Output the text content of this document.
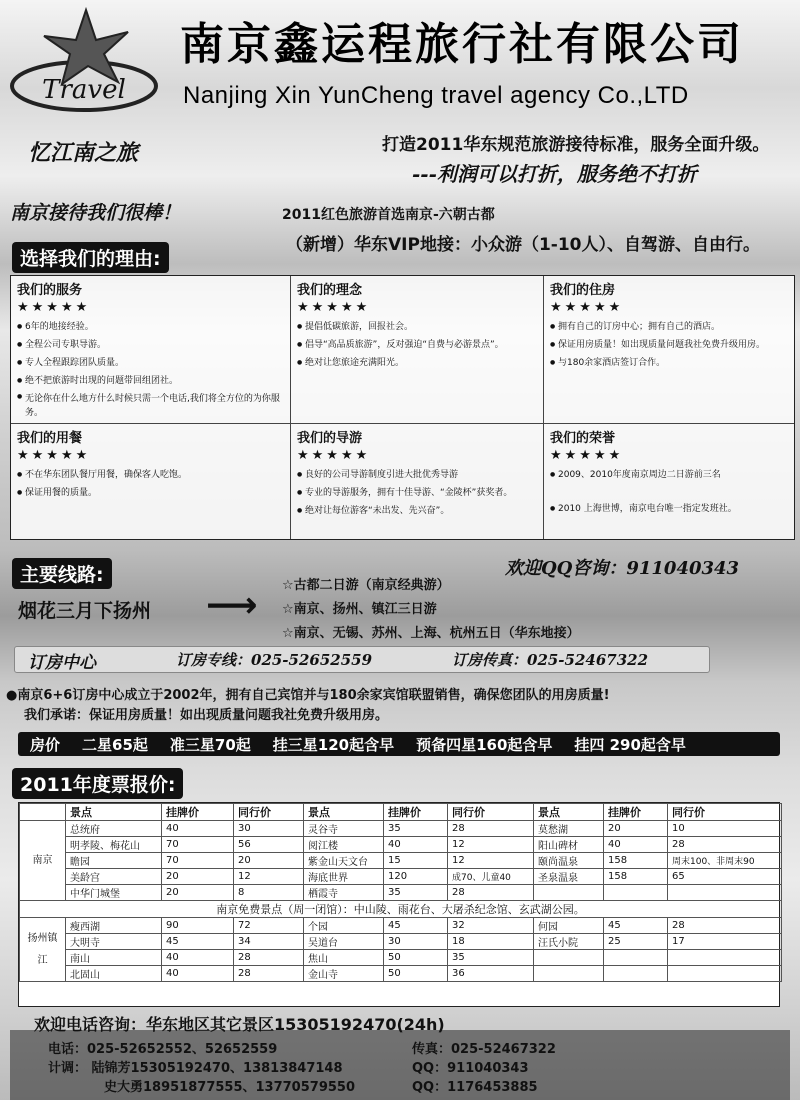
Travel
南京鑫运程旅行社有限公司
Nanjing Xin YunCheng travel agency Co.,LTD
忆江南之旅	打造2011华东规范旅游接待标准，服务全面升级。
---利润可以打折，服务绝不打折
南京接待我们很棒！	2011红色旅游首选南京-六朝古都
（新增）华东VIP地接：小众游（1-10人）、自驾游、自由行。
选择我们的理由:
我们的服务
★★★★★
● 6年的地接经验。
● 全程公司专职导游。
● 专人全程跟踪团队质量。
● 绝不把旅游时出现的问题带回组团社。
● 无论你在什么地方什么时候只需一个电话,我们将全方位的为你服务。
我们的理念
★★★★★
● 提倡低碳旅游，回报社会。
● 倡导“高品质旅游”，反对强迫“自费与必游景点”。
● 绝对让您旅途充满阳光。
我们的住房
★★★★★
● 拥有自己的订房中心；拥有自己的酒店。
● 保证用房质量！如出现质量问题我社免费升级用房。
● 与180余家酒店签订合作。
我们的用餐
★★★★★
● 不在华东团队餐厅用餐，确保客人吃饱。
● 保证用餐的质量。
我们的导游
★★★★★
● 良好的公司导游制度引进大批优秀导游
● 专业的导游服务，拥有十佳导游、“金陵杯”获奖者。
● 绝对让每位游客“未出发、先兴奋”。
我们的荣誉
★★★★★
● 2009、2010年度南京周边二日游前三名
● 2010 上海世博，南京电台唯一指定发班社。
主要线路:	欢迎QQ咨询：911040343
烟花三月下扬州 ⟶ ☆古都二日游（南京经典游）
☆南京、扬州、镇江三日游
☆南京、无锡、苏州、上海、杭州五日（华东地接）
订房中心	订房专线：025-52652559	订房传真：025-52467322
●南京6+6订房中心成立于2002年，拥有自己宾馆并与180余家宾馆联盟销售，确保您团队的用房质量!
我们承诺：保证用房质量！如出现质量问题我社免费升级用房。
房价 二星65起 准三星70起 挂三星120起含早 预备四星160起含早 挂四 290起含早
2011年度票报价:
	景点	挂牌价	同行价	景点	挂牌价	同行价	景点	挂牌价	同行价
南京	总统府	40	30	灵谷寺	35	28	莫愁湖	20	10
	明孝陵、梅花山	70	56	阅江楼	40	12	阳山碑材	40	28
	瞻园	70	20	紫金山天文台	15	12	颐尚温泉	158	周末100、非周末90
	美龄宫	20	12	海底世界	120	成70、儿童40	圣泉温泉	158	65
	中华门城堡	20	8	栖霞寺	35	28			
南京免费景点（周一闭馆）：中山陵、雨花台、大屠杀纪念馆、玄武湖公园。									
扬州镇江	瘦西湖	90	72	个园	45	32	何园	45	28
	大明寺	45	34	吴道台	30	18	汪氏小院	25	17
	南山	40	28	焦山	50	35			
	北固山	40	28	金山寺	50	36			
欢迎电话咨询：华东地区其它景区15305192470(24h)
电话：025-52652552、52652559
计调： 陆锦芳15305192470、13813847148
史大勇18951877555、13770579550
传真：025-52467322
QQ：911040343
QQ：1176453885
